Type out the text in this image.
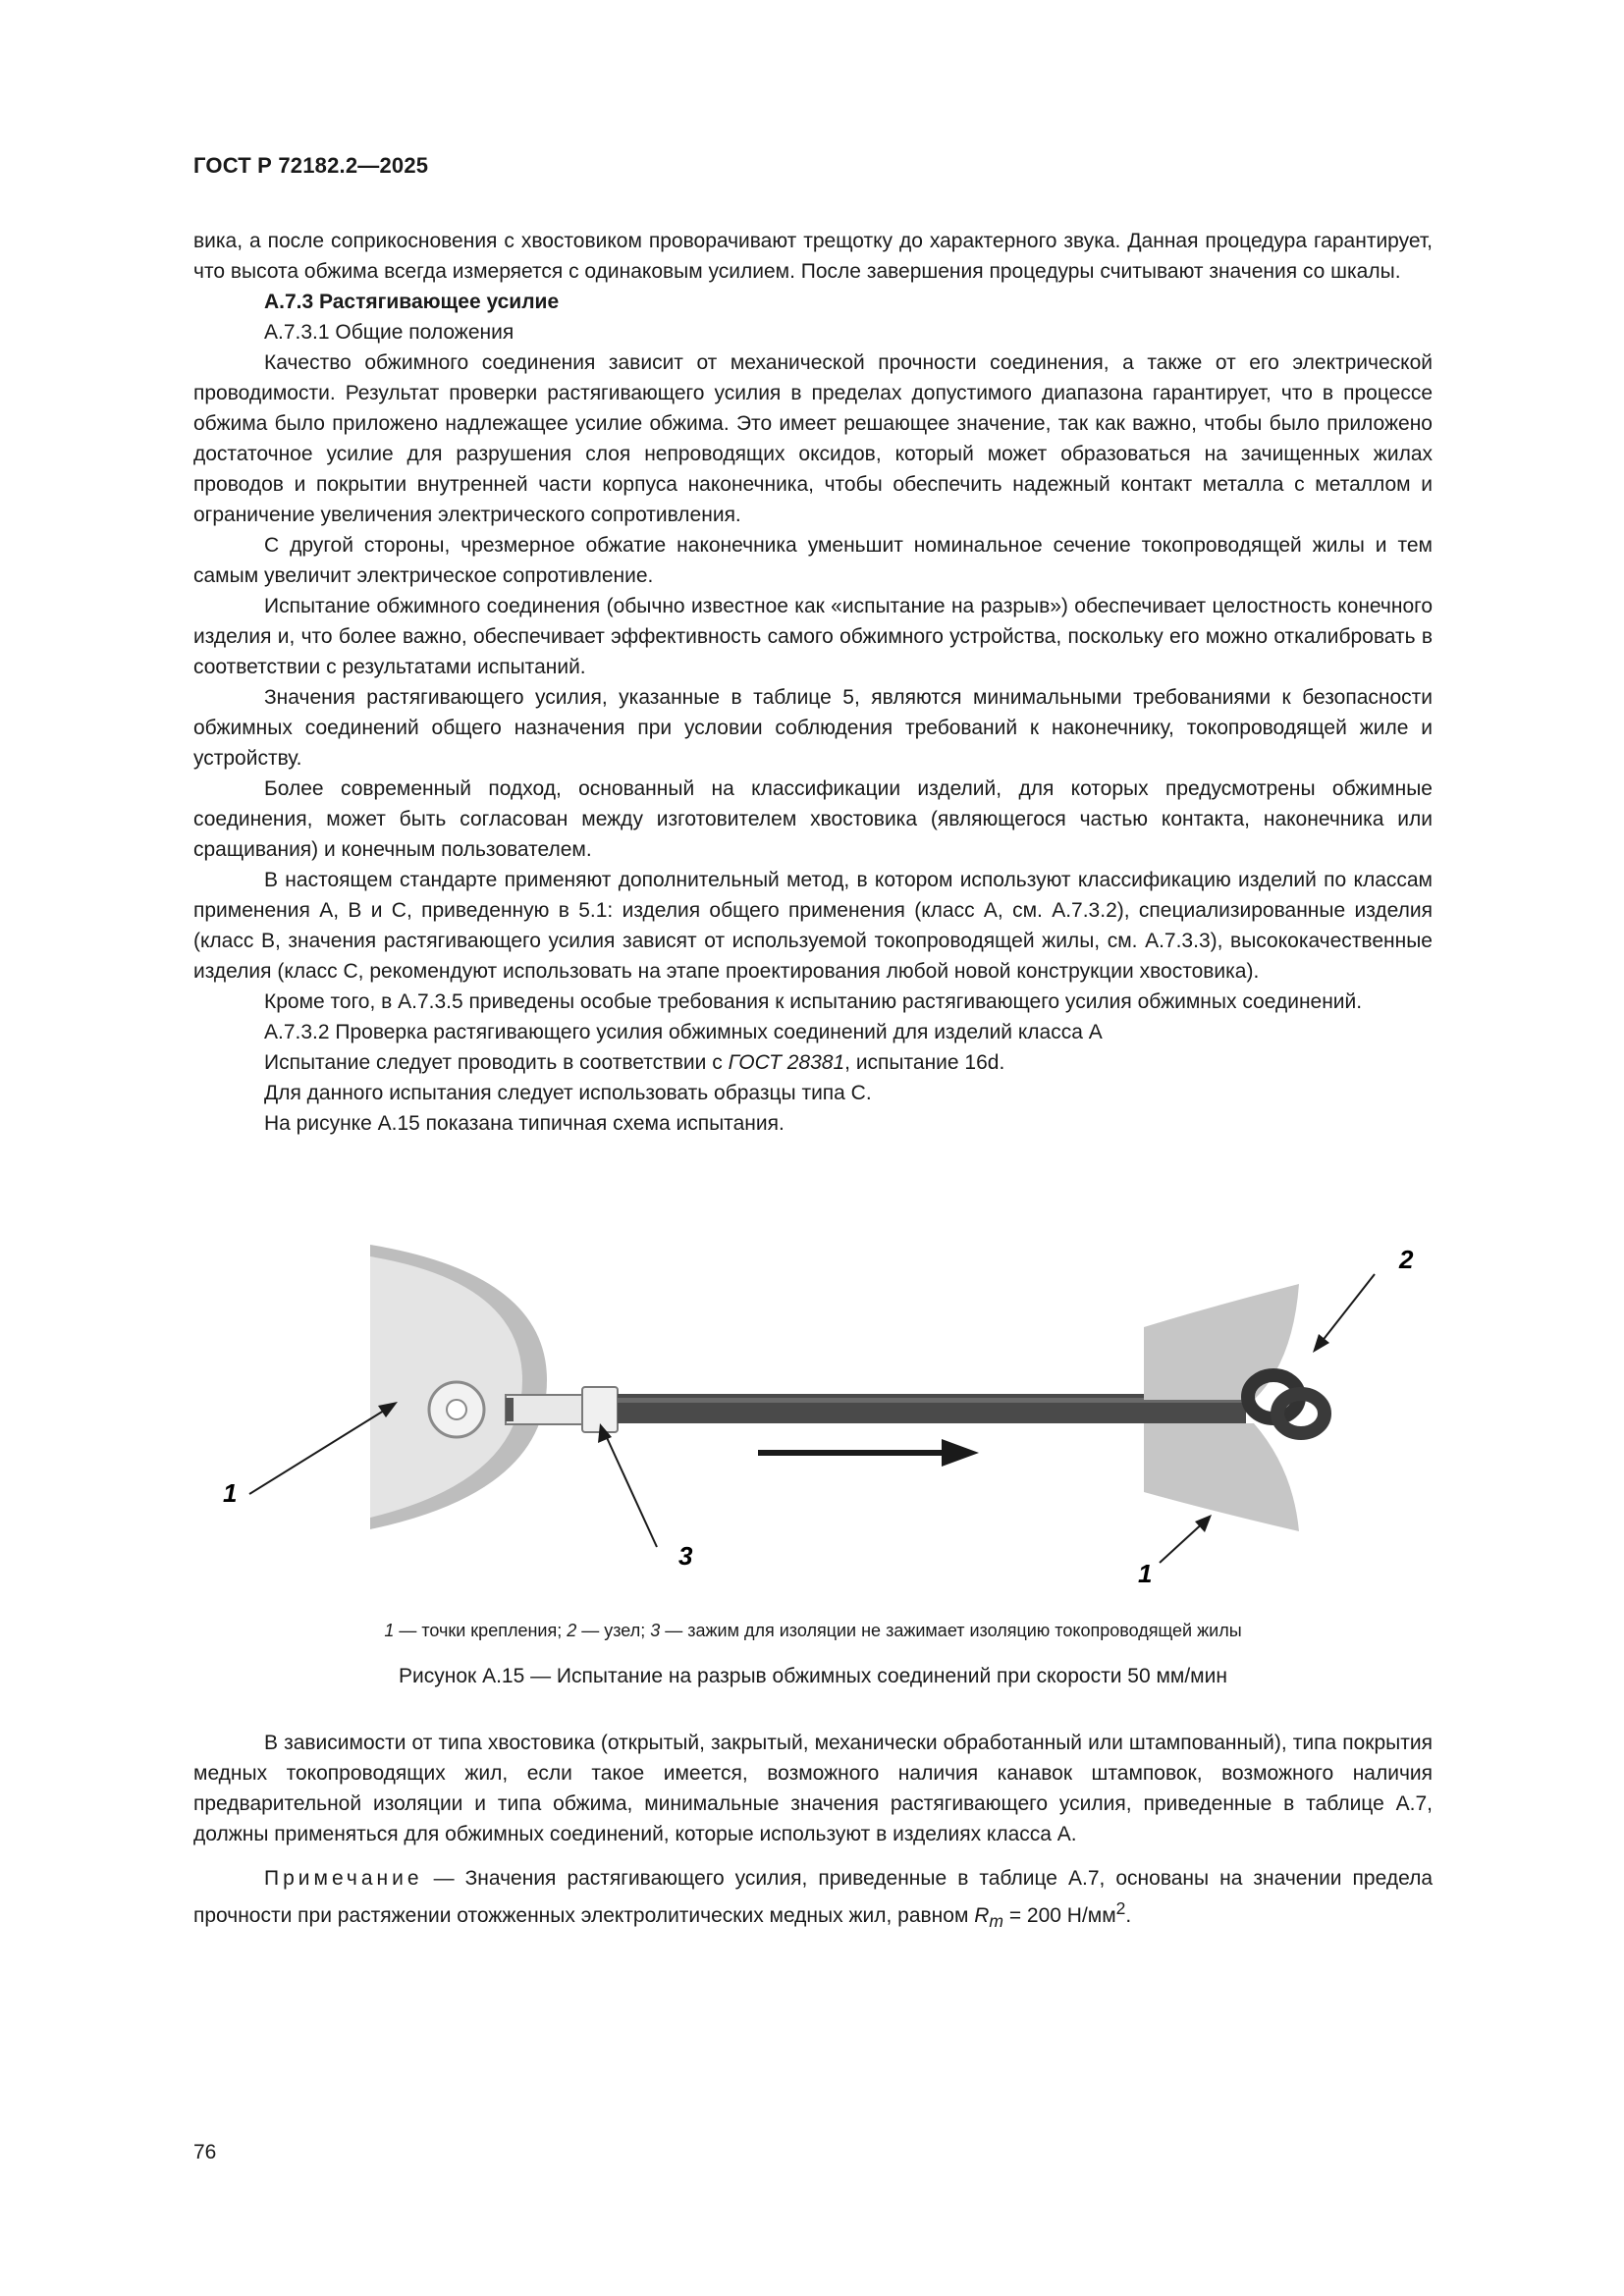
ГОСТ Р 72182.2—2025

вика, а после соприкосновения с хвостовиком проворачивают трещотку до характерного звука. Данная процедура гарантирует, что высота обжима всегда измеряется с одинаковым усилием. После завершения процедуры считывают значения со шкалы.

А.7.3 Растягивающее усилие

А.7.3.1 Общие положения

Качество обжимного соединения зависит от механической прочности соединения, а также от его электрической проводимости. Результат проверки растягивающего усилия в пределах допустимого диапазона гарантирует, что в процессе обжима было приложено надлежащее усилие обжима. Это имеет решающее значение, так как важно, чтобы было приложено достаточное усилие для разрушения слоя непроводящих оксидов, который может образоваться на зачищенных жилах проводов и покрытии внутренней части корпуса наконечника, чтобы обеспечить надежный контакт металла с металлом и ограничение увеличения электрического сопротивления.

С другой стороны, чрезмерное обжатие наконечника уменьшит номинальное сечение токопроводящей жилы и тем самым увеличит электрическое сопротивление.

Испытание обжимного соединения (обычно известное как «испытание на разрыв») обеспечивает целостность конечного изделия и, что более важно, обеспечивает эффективность самого обжимного устройства, поскольку его можно откалибровать в соответствии с результатами испытаний.

Значения растягивающего усилия, указанные в таблице 5, являются минимальными требованиями к безопасности обжимных соединений общего назначения при условии соблюдения требований к наконечнику, токопроводящей жиле и устройству.

Более современный подход, основанный на классификации изделий, для которых предусмотрены обжимные соединения, может быть согласован между изготовителем хвостовика (являющегося частью контакта, наконечника или сращивания) и конечным пользователем.

В настоящем стандарте применяют дополнительный метод, в котором используют классификацию изделий по классам применения А, В и С, приведенную в 5.1: изделия общего применения (класс А, см. А.7.3.2), специализированные изделия (класс В, значения растягивающего усилия зависят от используемой токопроводящей жилы, см. А.7.3.3), высококачественные изделия (класс С, рекомендуют использовать на этапе проектирования любой новой конструкции хвостовика).

Кроме того, в А.7.3.5 приведены особые требования к испытанию растягивающего усилия обжимных соединений.

А.7.3.2 Проверка растягивающего усилия обжимных соединений для изделий класса А

Испытание следует проводить в соответствии с ГОСТ 28381, испытание 16d.

Для данного испытания следует использовать образцы типа С.

На рисунке А.15 показана типичная схема испытания.

1
3
2
1
1 — точки крепления; 2 — узел; 3 — зажим для изоляции не зажимает изоляцию токопроводящей жилы
Рисунок А.15 — Испытание на разрыв обжимных соединений при скорости 50 мм/мин

В зависимости от типа хвостовика (открытый, закрытый, механически обработанный или штампованный), типа покрытия медных токопроводящих жил, если такое имеется, возможного наличия канавок штамповок, возможного наличия предварительной изоляции и типа обжима, минимальные значения растягивающего усилия, приведенные в таблице А.7, должны применяться для обжимных соединений, которые используют в изделиях класса А.

Примечание — Значения растягивающего усилия, приведенные в таблице А.7, основаны на значении предела прочности при растяжении отожженных электролитических медных жил, равном $R_m = 200$ $Н/мм^2$.

76
